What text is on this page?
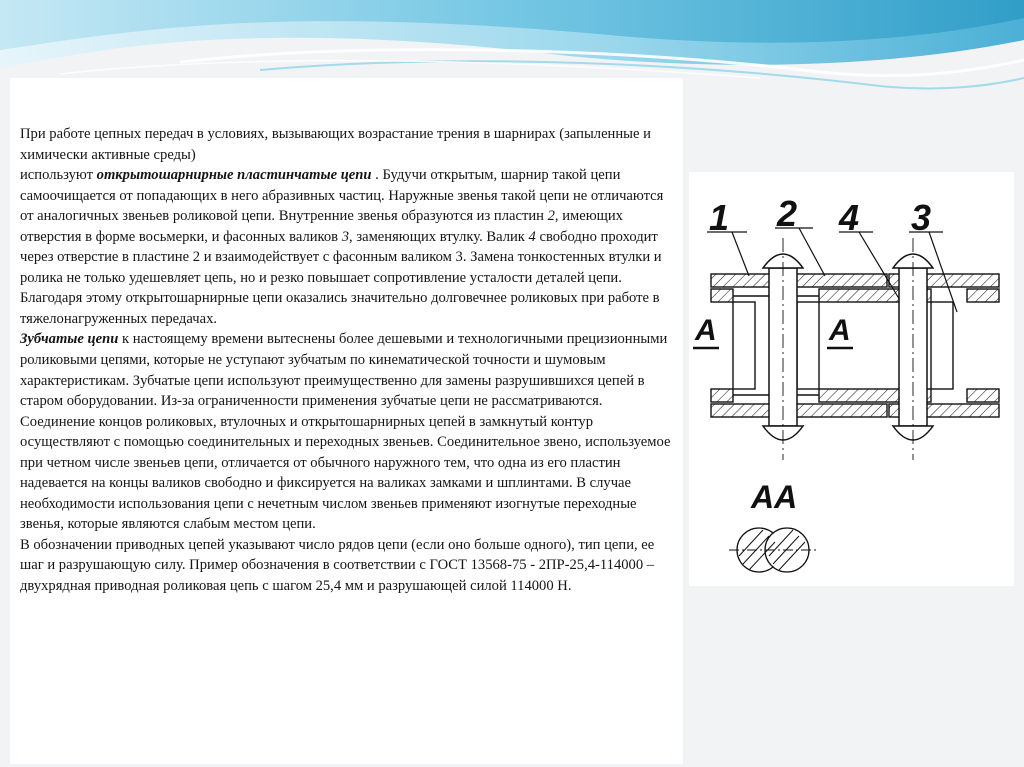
При работе цепных передач в условиях, вызывающих возрастание трения в шарнирах (запыленные и химически активные среды)
используют открытошарнирные пластинчатые цепи . Будучи открытым, шарнир такой цепи самоочищается от попадающих в него абразивных частиц. Наружные звенья такой цепи не отличаются от аналогичных звеньев роликовой цепи. Внутренние звенья образуются из пластин 2, имеющих отверстия в форме восьмерки, и фасонных валиков 3, заменяющих втулку. Валик 4 свободно проходит через отверстие в пластине 2 и взаимодействует с фасонным валиком 3. Замена тонкостенных втулки и ролика не только удешевляет цепь, но и резко повышает сопротивление усталости деталей цепи. Благодаря этому открытошарнирные цепи оказались значительно долговечнее роликовых при работе в тяжелонагруженных передачах.
Зубчатые цепи к настоящему времени вытеснены более дешевыми и технологичными прецизионными роликовыми цепями, которые не уступают зубчатым по кинематической точности и шумовым характеристикам. Зубчатые цепи используют преимущественно для замены разрушившихся цепей в старом оборудовании. Из-за ограниченности применения зубчатые цепи не рассматриваются.
Соединение концов роликовых, втулочных и открытошарнирных цепей в замкнутый контур осуществляют с помощью соединительных и переходных звеньев. Соединительное звено, используемое при четном числе звеньев цепи, отличается от обычного наружного тем, что одна из его пластин надевается на концы валиков свободно и фиксируется на валиках замками и шплинтами. В случае необходимости использования цепи с нечетным числом звеньев применяют изогнутые переходные звенья, которые являются слабым местом цепи.
В обозначении приводных цепей указывают число рядов цепи (если оно больше одного), тип цепи, ее шаг и разрушающую силу. Пример обозначения в соответствии с ГОСТ 13568-75 - 2ПР-25,4-114000 – двухрядная приводная роликовая цепь с шагом 25,4 мм и разрушающей силой 114000 Н.
1 2 4 3
A	A
AA
